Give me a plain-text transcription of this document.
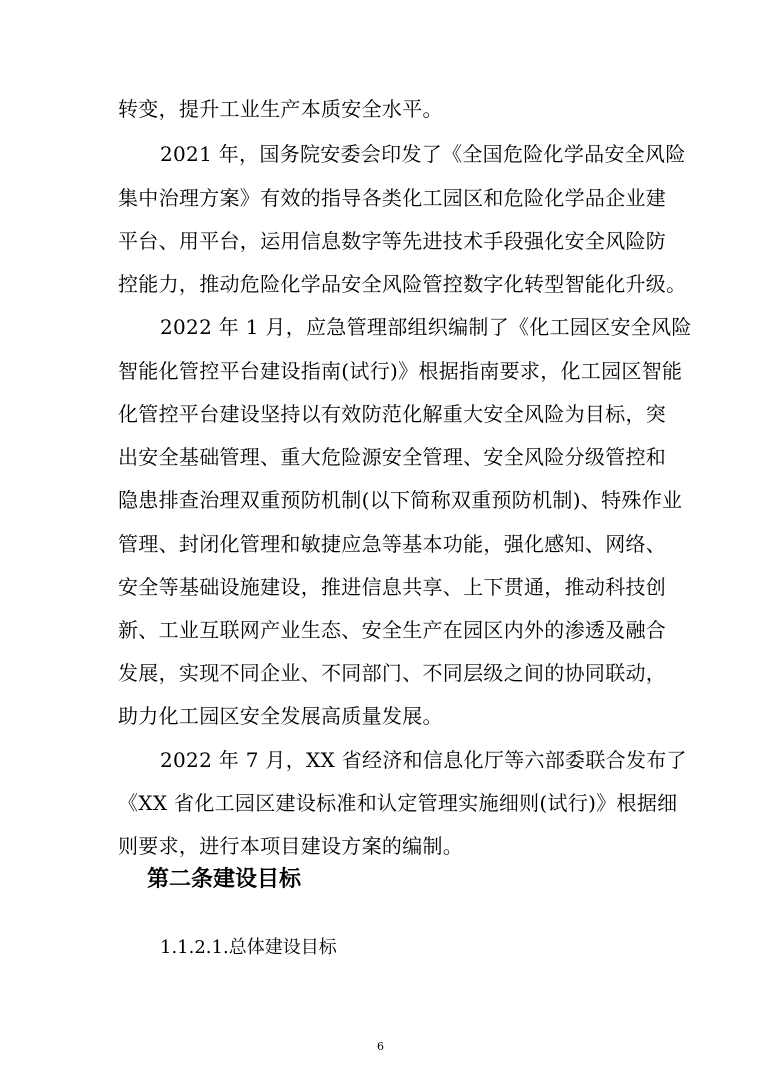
转变，提升工业生产本质安全水平。
2021 年，国务院安委会印发了《全国危险化学品安全风险
集中治理方案》有效的指导各类化工园区和危险化学品企业建
平台、用平台，运用信息数字等先进技术手段强化安全风险防
控能力，推动危险化学品安全风险管控数字化转型智能化升级。
2022 年 1 月，应急管理部组织编制了《化工园区安全风险
智能化管控平台建设指南(试行)》根据指南要求，化工园区智能
化管控平台建设坚持以有效防范化解重大安全风险为目标，突
出安全基础管理、重大危险源安全管理、安全风险分级管控和
隐患排查治理双重预防机制(以下简称双重预防机制)、特殊作业
管理、封闭化管理和敏捷应急等基本功能，强化感知、网络、
安全等基础设施建设，推进信息共享、上下贯通，推动科技创
新、工业互联网产业生态、安全生产在园区内外的渗透及融合
发展，实现不同企业、不同部门、不同层级之间的协同联动，
助力化工园区安全发展高质量发展。
2022 年 7 月，XX 省经济和信息化厅等六部委联合发布了
《XX 省化工园区建设标准和认定管理实施细则(试行)》根据细
则要求，进行本项目建设方案的编制。
第二条建设目标
1.1.2.1.总体建设目标
6
